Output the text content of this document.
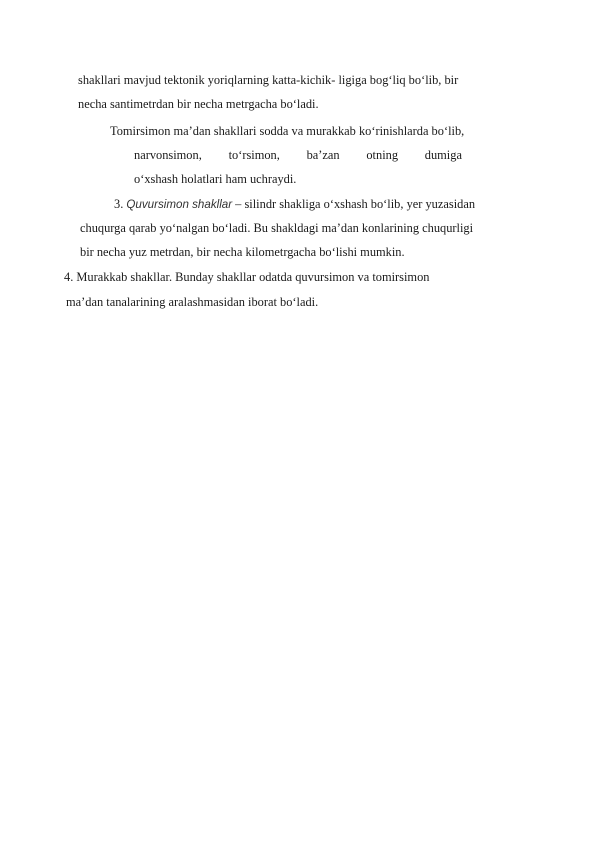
shakllari mavjud tektonik yoriqlarning katta-kichik- ligiga bog‘liq bo‘lib, bir
necha santimetrdan bir necha metrgacha bo‘ladi.
Tomirsimon ma’dan shakllari sodda va murakkab ko‘rinishlarda bo‘lib,
narvonsimon, to‘rsimon, ba’zan otning dumiga
o‘xshash holatlari ham uchraydi.
3. Quvursimon shakllar – silindr shakliga o‘xshash bo‘lib, yer yuzasidan
chuqurga qarab yo‘nalgan bo‘ladi. Bu shakldagi ma’dan konlarining chuqurligi
bir necha yuz metrdan, bir necha kilometrgacha bo‘lishi mumkin.
4. Murakkab shakllar. Bunday shakllar odatda quvursimon va tomirsimon
ma’dan tanalarining aralashmasidan iborat bo‘ladi.
